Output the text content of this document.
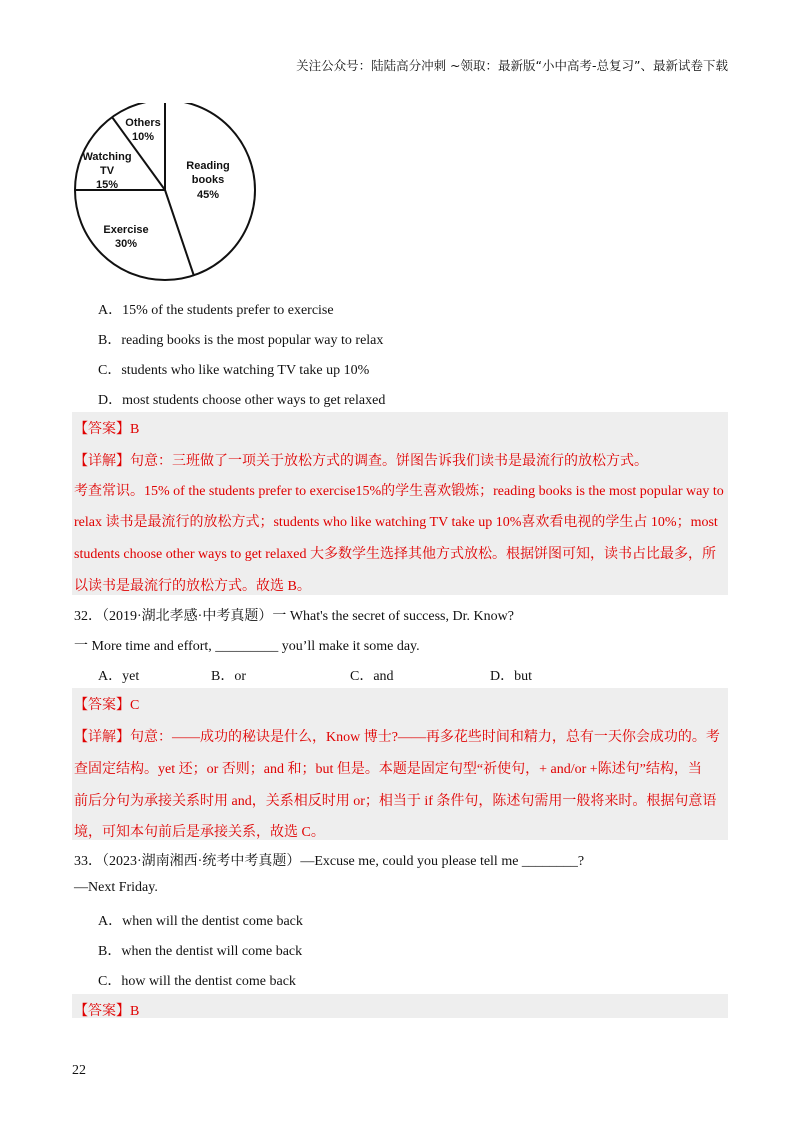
关注公众号：陆陆高分冲刺 ~领取：最新版“小中高考-总复习”、最新试卷下载
Reading
books
45%
Exercise
30%
Watching
TV
15%
Others
10%
A．15% of the students prefer to exercise
B．reading books is the most popular way to relax
C．students who like watching TV take up 10%
D．most students choose other ways to get relaxed
【答案】B
【详解】句意：三班做了一项关于放松方式的调查。饼图告诉我们读书是最流行的放松方式。
考查常识。15% of the students prefer to exercise15%的学生喜欢锻炼；reading books is the most popular way to
relax 读书是最流行的放松方式；students who like watching TV take up 10%喜欢看电视的学生占 10%；most
students choose other ways to get relaxed 大多数学生选择其他方式放松。根据饼图可知，读书占比最多，所
以读书是最流行的放松方式。故选 B。
32．（2019·湖北孝感·中考真题）一 What's the secret of success, Dr. Know?
一 More time and effort, _________ you’ll make it some day.
A．yet	B．or	C．and	D．but
【答案】C
【详解】句意：——成功的秘诀是什么，Know 博士?——再多花些时间和精力，总有一天你会成功的。考
查固定结构。yet 还；or 否则；and 和；but 但是。本题是固定句型“祈使句，+ and/or +陈述句”结构，当
前后分句为承接关系时用 and，关系相反时用 or；相当于 if 条件句，陈述句需用一般将来时。根据句意语
境，可知本句前后是承接关系，故选 C。
33．（2023·湖南湘西·统考中考真题）—Excuse me, could you please tell me ________?
—Next Friday.
A．when will the dentist come back
B．when the dentist will come back
C．how will the dentist come back
【答案】B
22
